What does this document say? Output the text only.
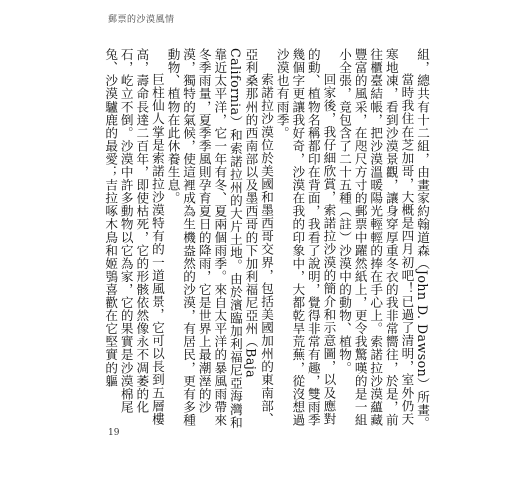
郵票的沙漠風情

組，總共有十二組，由畫家約翰道森（John D. Dawson）所畫。

當時我住在芝加哥，大概是四月初吧！已過了清明，室外仍天寒地凍，看到沙漠景觀，讓身穿厚重冬衣的我非常嚮往，於是，前往櫃臺結帳，把沙漠溫暖陽光輕輕的捧在手心上。索諾拉沙漠蘊藏豐富的風采，在咫尺方寸的郵票中躍然紙上，更令我驚嘆的是一組小全張，竟包含了二十五種（註）沙漠中的動物、植物。

回家後，我仔細欣賞，索諾拉沙漠的簡介和示意圖，以及應對的動、植物名稱都印在背面，我看了說明，覺得非常有趣，雙雨季幾個字更讓我好奇，沙漠在我的印象中，大都乾旱荒蕪，從沒想過沙漠也有雨季。

索諾拉沙漠位於美國和墨西哥交界，包括美國加州的東南部、亞利桑那州的西南部以及墨西哥的下加利福尼亞州（Baja California）和索諾拉州的大片土地。由於濱臨加利福尼亞海灣和靠近太平洋，它一年有冬、夏兩個雨季。來自太平洋的暴風雨帶來冬季雨量，夏季季風則孕育夏日的降雨，它是世界上最潮溼的沙漠，獨特的氣候，使這裡成為生機盎然的沙漠，有居民，更有多種動物、植物在此休養生息。

巨柱仙人掌是索諾拉沙漠特有的一道風景，它可以長到五層樓高，壽命長達二百年，即使枯死，它的形骸依然像永不凋萎的化石，屹立不倒。沙漠中許多動物以它為家，它的果實是沙漠棉尾兔、沙漠驢鹿的最愛；吉拉啄木鳥和姬鴞喜歡在它堅實的軀

19
